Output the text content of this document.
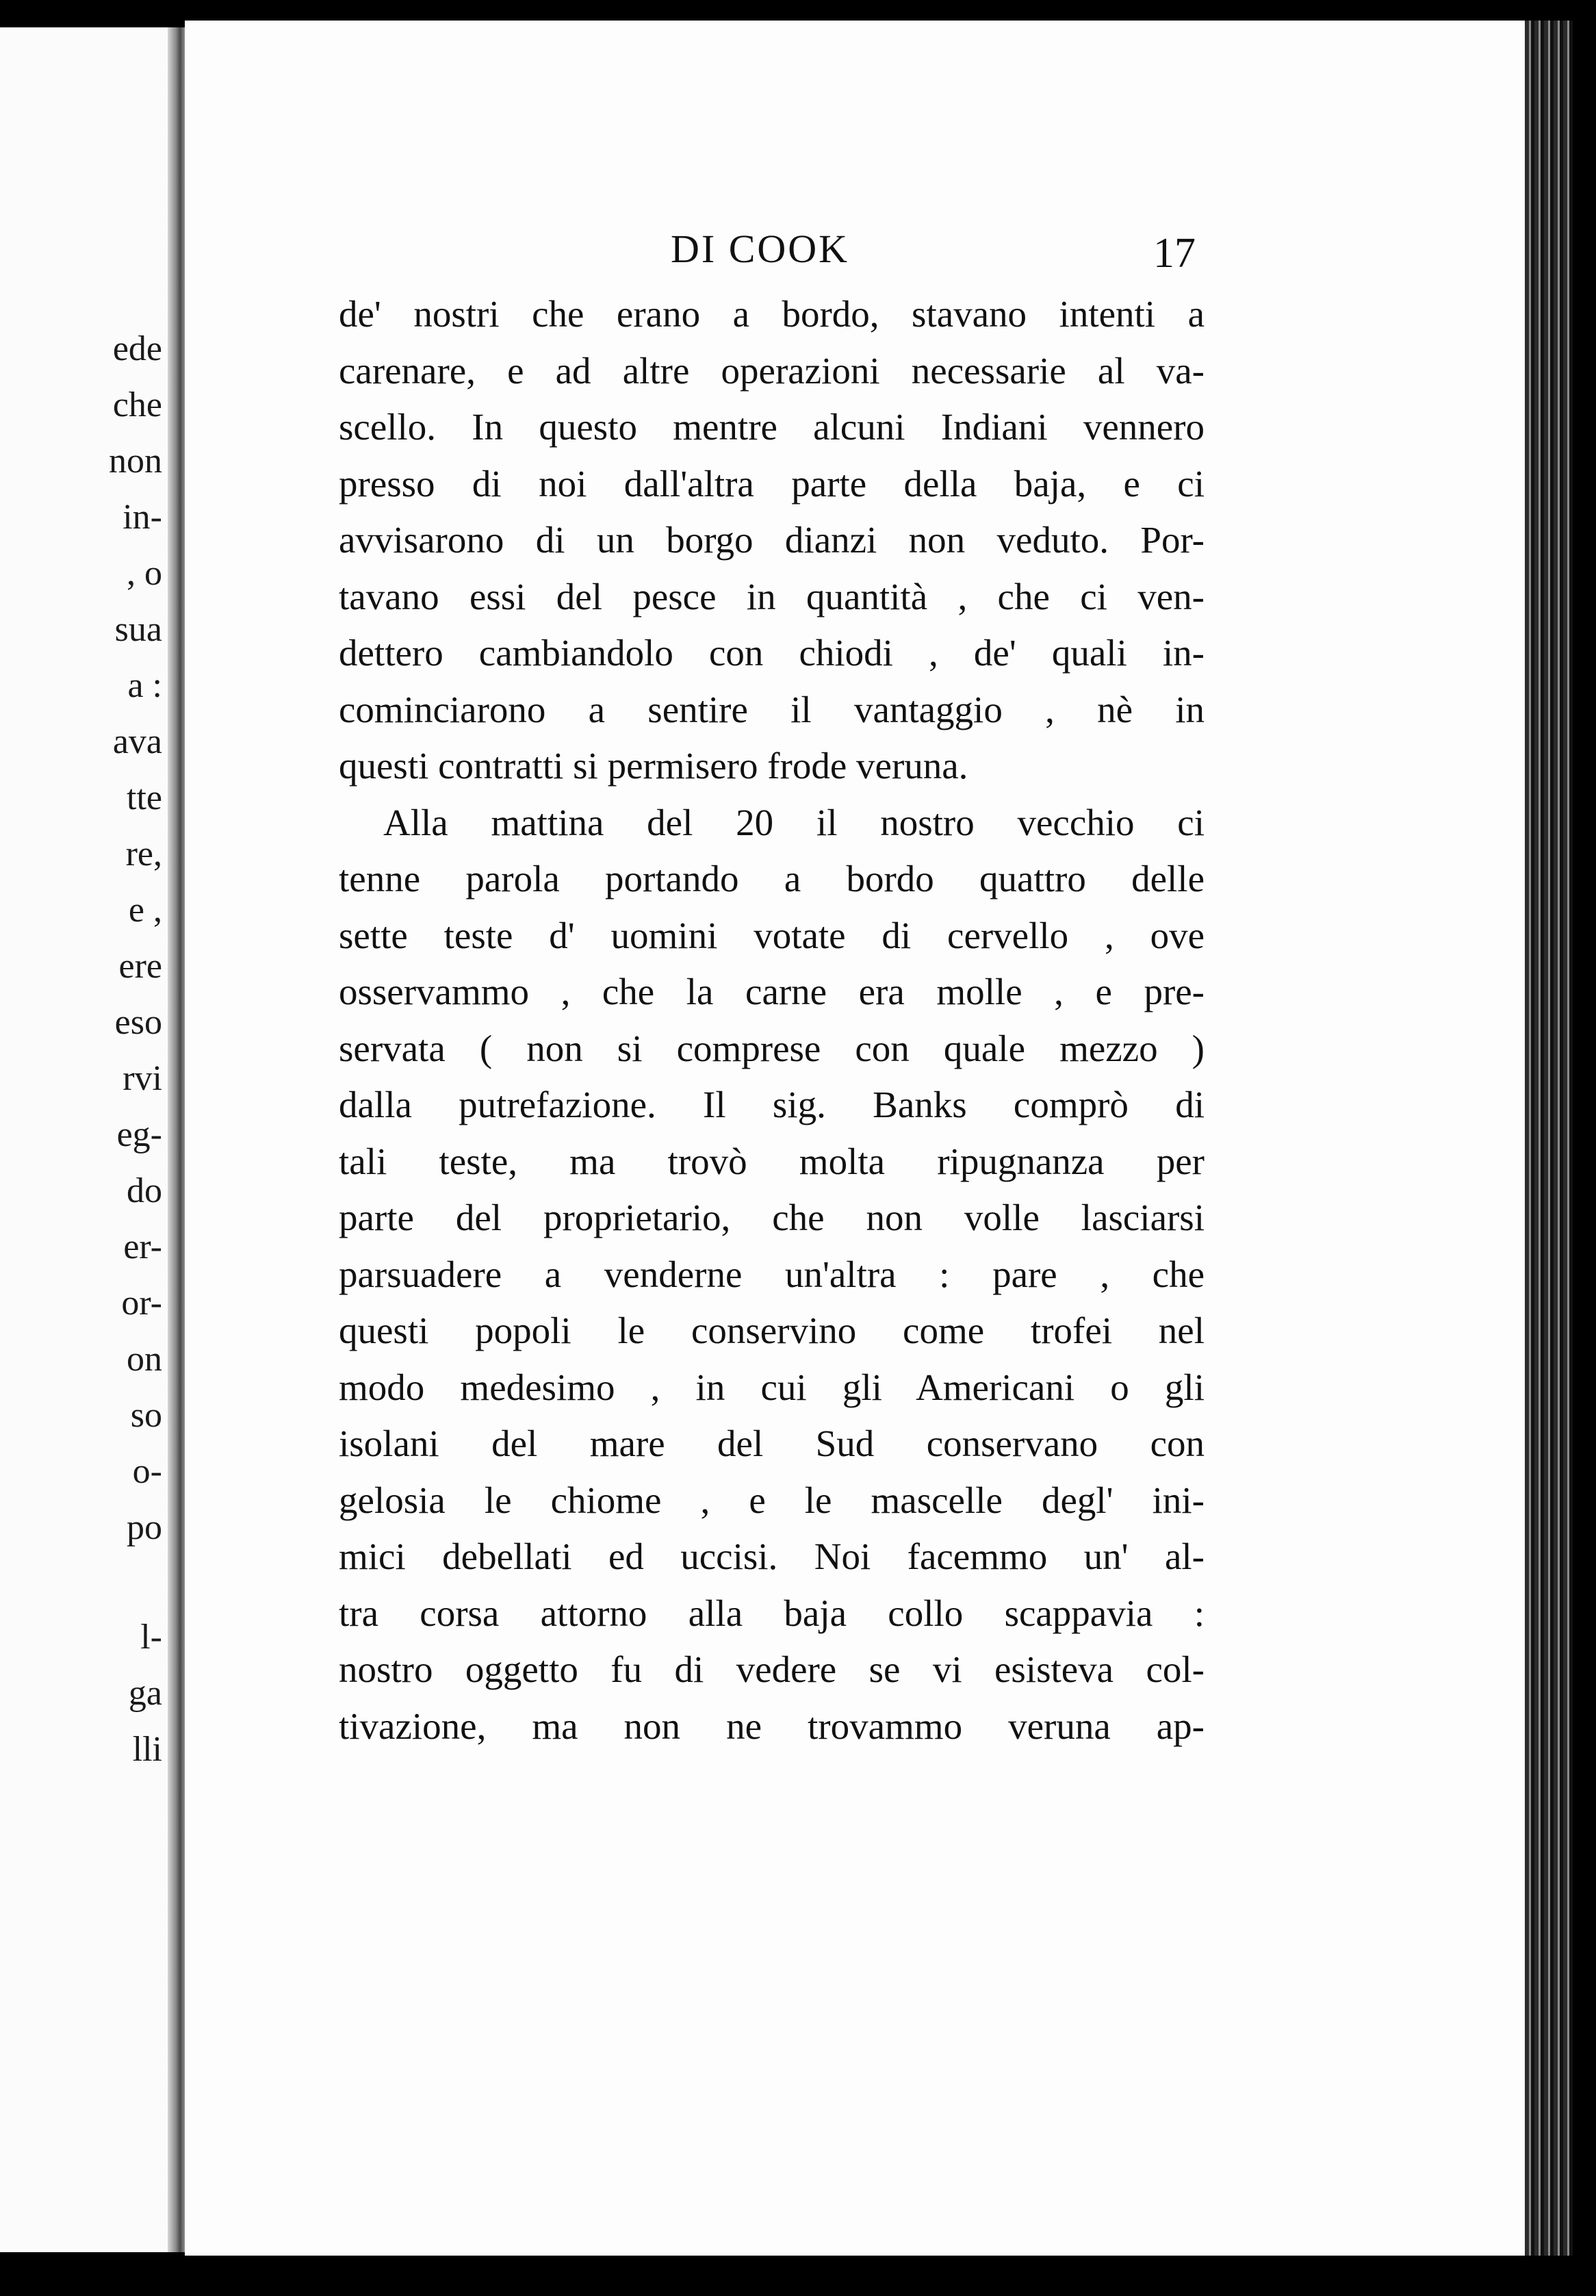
ede
che
non
in-
, o
sua
a :
ava
tte
re,
e ,
ere
eso
rvi
eg-
do
er-
or-
on
so
o-
po
l-
ga
lli
DI COOK	17
de' nostri che erano a bordo, stavano intenti a
carenare, e ad altre operazioni necessarie al va-
scello. In questo mentre alcuni Indiani vennero
presso di noi dall'altra parte della baja, e ci
avvisarono di un borgo dianzi non veduto. Por-
tavano essi del pesce in quantità , che ci ven-
dettero cambiandolo con chiodi , de' quali in-
cominciarono a sentire il vantaggio , nè in
questi contratti si permisero frode veruna.
Alla mattina del 20 il nostro vecchio ci
tenne parola portando a bordo quattro delle
sette teste d' uomini votate di cervello , ove
osservammo , che la carne era molle , e pre-
servata ( non si comprese con quale mezzo )
dalla putrefazione. Il sig. Banks comprò di
tali teste, ma trovò molta ripugnanza per
parte del proprietario, che non volle lasciarsi
parsuadere a venderne un'altra : pare , che
questi popoli le conservino come trofei nel
modo medesimo , in cui gli Americani o gli
isolani del mare del Sud conservano con
gelosia le chiome , e le mascelle degl' ini-
mici debellati ed uccisi. Noi facemmo un' al-
tra corsa attorno alla baja collo scappavia :
nostro oggetto fu di vedere se vi esisteva col-
tivazione, ma non ne trovammo veruna ap-
